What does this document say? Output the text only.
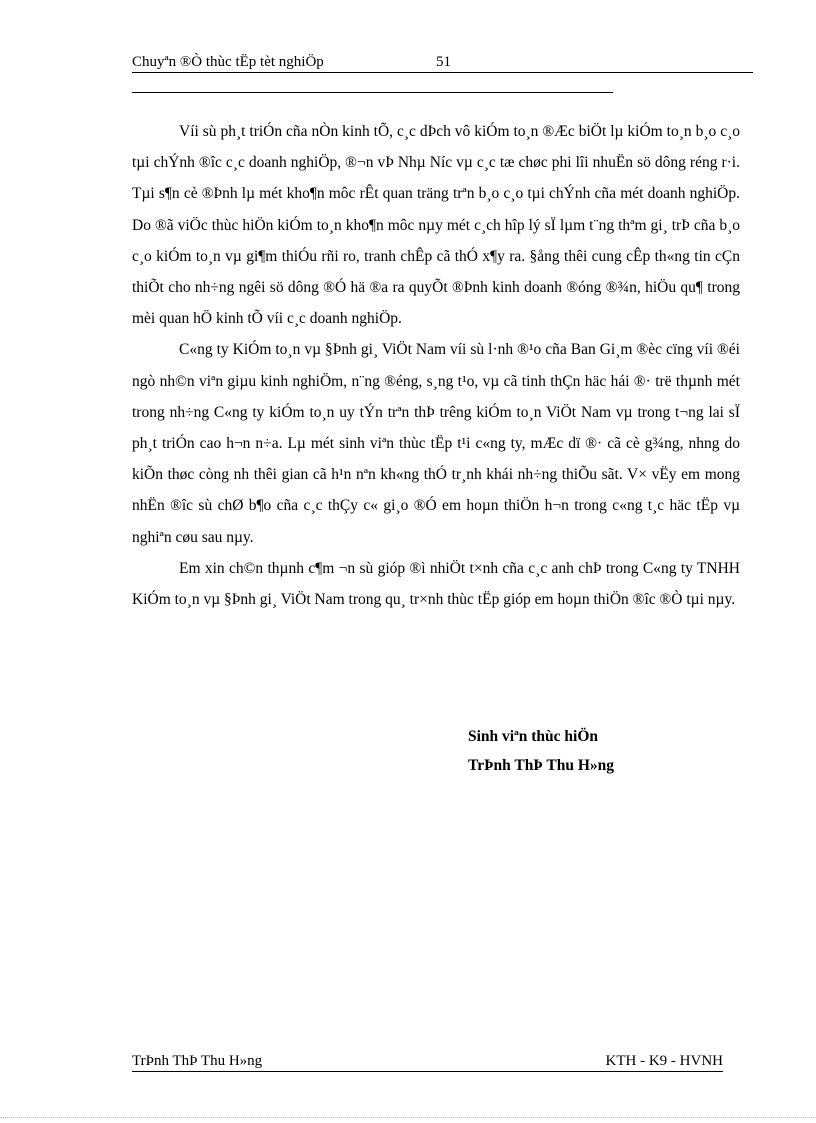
Chuyªn ®Ò thùc tËp tèt nghiÖp	51

Víi sù ph¸t triÓn cña nÒn kinh tÕ, c¸c dÞch vô kiÓm to¸n ®Æc biÖt lµ kiÓm to¸n b¸o c¸o tµi chÝnh ®îc c¸c doanh nghiÖp, ®¬n vÞ Nhµ Níc vµ c¸c tæ chøc phi lîi nhuËn sö dông réng r·i. Tµi s¶n cè ®Þnh lµ mét kho¶n môc rÊt quan träng trªn b¸o c¸o tµi chÝnh cña mét doanh nghiÖp. Do ®ã viÖc thùc hiÖn kiÓm to¸n kho¶n môc nµy mét c¸ch hîp lý sÏ lµm t¨ng thªm gi¸ trÞ cña b¸o c¸o kiÓm to¸n vµ gi¶m thiÓu rñi ro, tranh chÊp cã thÓ x¶y ra. §ång thêi cung cÊp th«ng tin cÇn thiÕt cho nh÷ng ngêi sö dông ®Ó hä ®a ra quyÕt ®Þnh kinh doanh ®óng ®¾n, hiÖu qu¶ trong mèi quan hÖ kinh tÕ víi c¸c doanh nghiÖp.

C«ng ty KiÓm to¸n vµ §Þnh gi¸ ViÖt Nam víi sù l·nh ®¹o cña Ban Gi¸m ®èc cïng víi ®éi ngò nh©n viªn giµu kinh nghiÖm, n¨ng ®éng, s¸ng t¹o, vµ cã tinh thÇn häc hái ®· trë thµnh mét trong nh÷ng C«ng ty kiÓm to¸n uy tÝn trªn thÞ trêng kiÓm to¸n ViÖt Nam vµ trong t¬ng lai sÏ ph¸t triÓn cao h¬n n÷a. Lµ mét sinh viªn thùc tËp t¹i c«ng ty, mÆc dï ®· cã cè g¾ng, nhng do kiÕn thøc còng nh thêi gian cã h¹n nªn kh«ng thÓ tr¸nh khái nh÷ng thiÕu sãt. V× vËy em mong nhËn ®îc sù chØ b¶o cña c¸c thÇy c« gi¸o ®Ó em hoµn thiÖn h¬n trong c«ng t¸c häc tËp vµ nghiªn cøu sau nµy.

Em xin ch©n thµnh c¶m ¬n sù gióp ®ì nhiÖt t×nh cña c¸c anh chÞ trong C«ng ty TNHH KiÓm to¸n vµ §Þnh gi¸ ViÖt Nam trong qu¸ tr×nh thùc tËp gióp em hoµn thiÖn ®îc ®Ò tµi nµy.

Sinh viªn thùc hiÖn
TrÞnh ThÞ Thu H»ng
TrÞnh ThÞ Thu H»ng	KTH - K9 - HVNH
